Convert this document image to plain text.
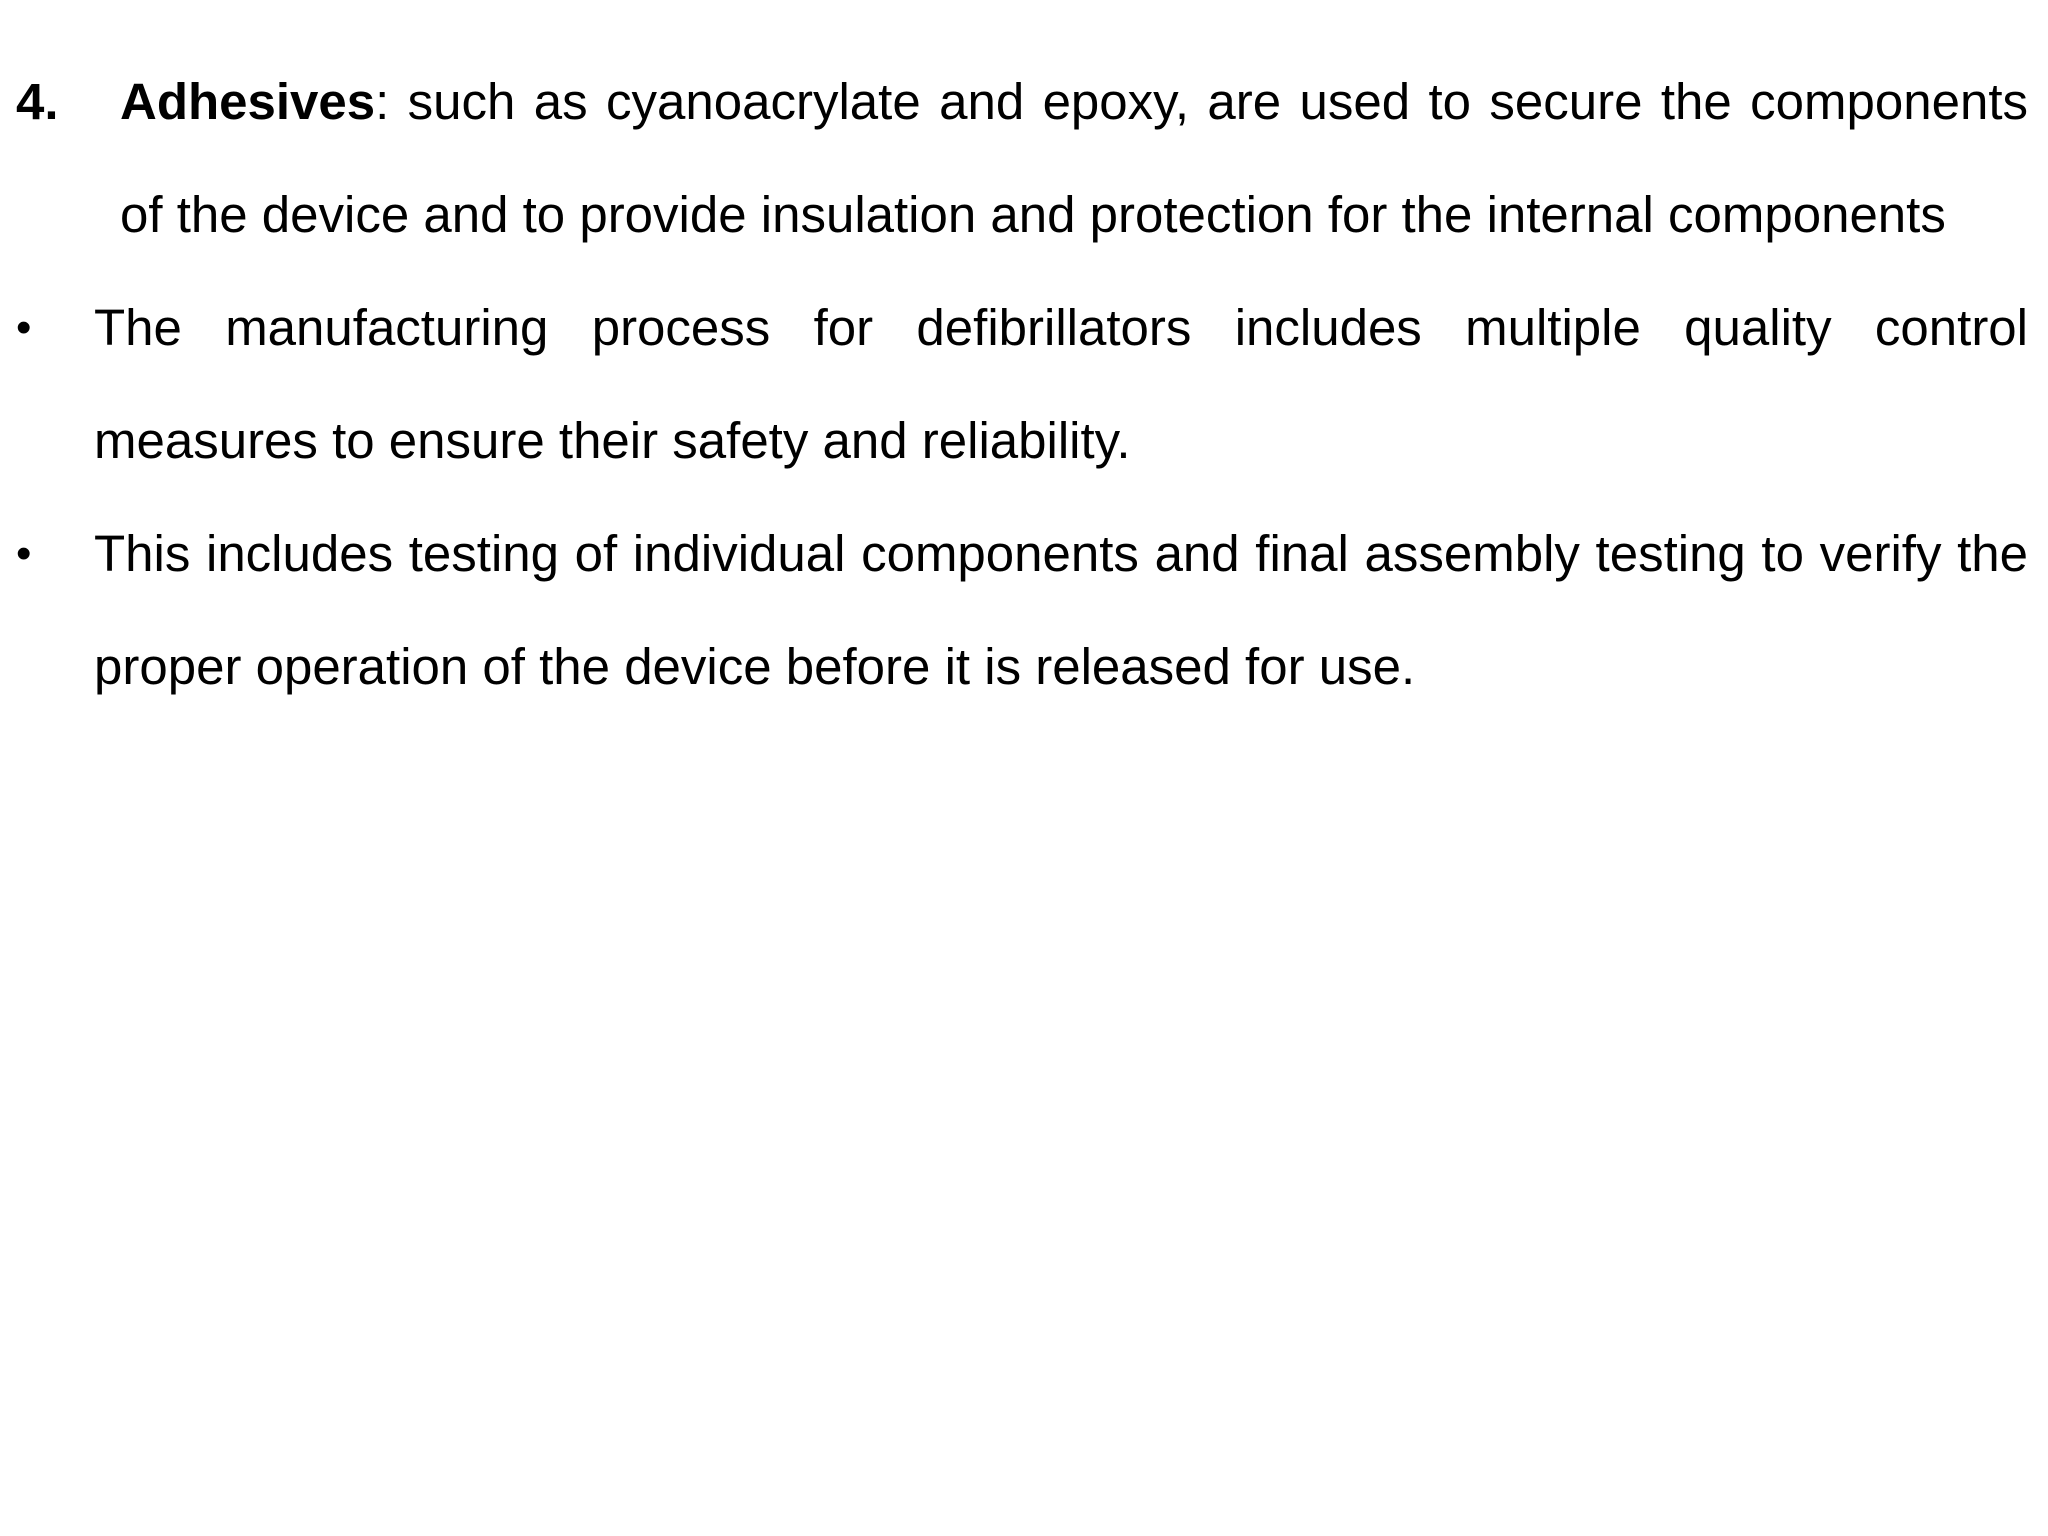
4.	Adhesives: such as cyanoacrylate and epoxy, are used to secure the components of the device and to provide insulation and protection for the internal components
•	The manufacturing process for defibrillators includes multiple quality control measures to ensure their safety and reliability.
•	This includes testing of individual components and final assembly testing to verify the proper operation of the device before it is released for use.
